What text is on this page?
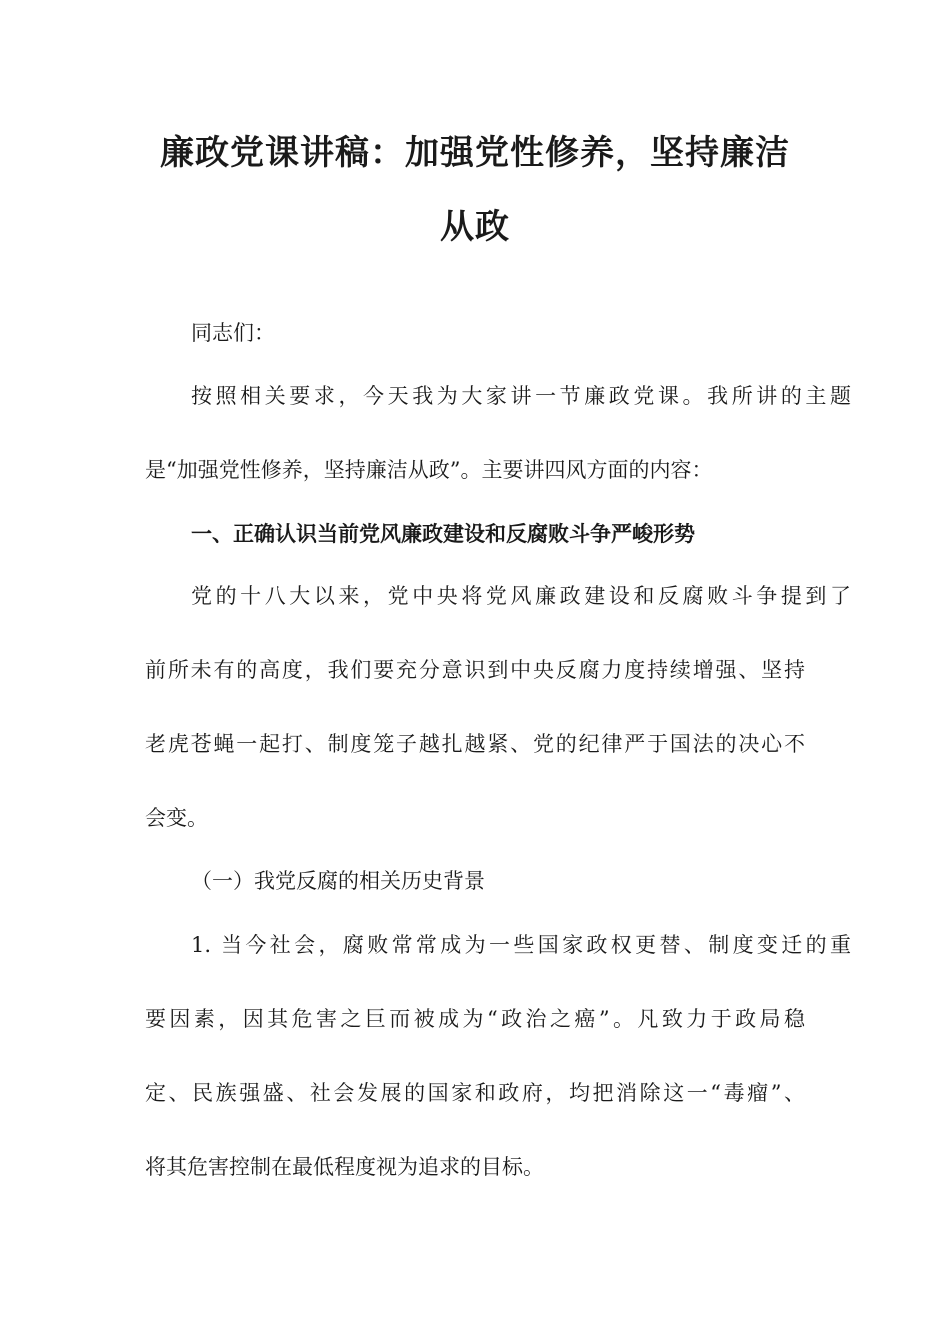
廉政党课讲稿：加强党性修养，坚持廉洁
从政
同志们：
按照相关要求，今天我为大家讲一节廉政党课。我所讲的主题
是“加强党性修养，坚持廉洁从政”。主要讲四风方面的内容：
一、正确认识当前党风廉政建设和反腐败斗争严峻形势
党的十八大以来，党中央将党风廉政建设和反腐败斗争提到了
前所未有的高度，我们要充分意识到中央反腐力度持续增强、坚持
老虎苍蝇一起打、制度笼子越扎越紧、党的纪律严于国法的决心不
会变。
（一）我党反腐的相关历史背景
1. 当今社会，腐败常常成为一些国家政权更替、制度变迁的重
要因素，因其危害之巨而被成为“政治之癌”。凡致力于政局稳
定、民族强盛、社会发展的国家和政府，均把消除这一“毒瘤”、
将其危害控制在最低程度视为追求的目标。
